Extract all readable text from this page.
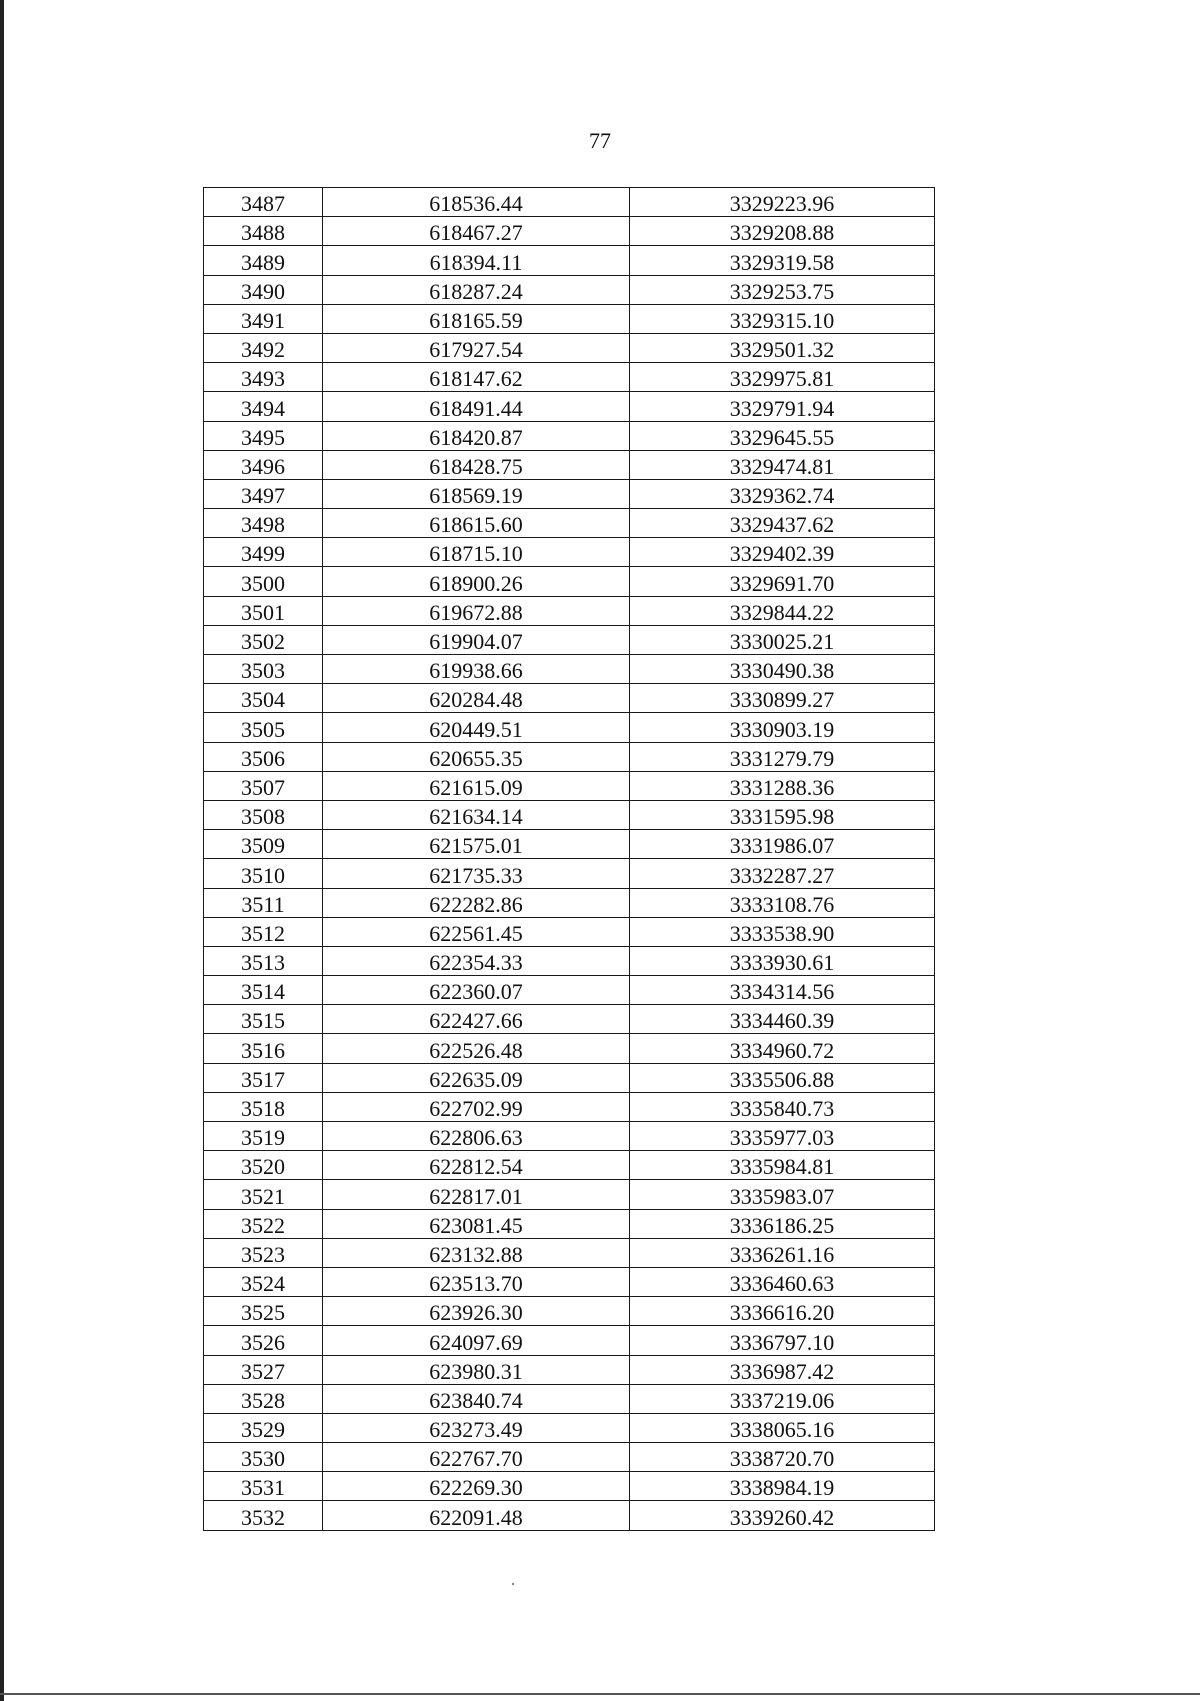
77
3487	618536.44	3329223.96
3488	618467.27	3329208.88
3489	618394.11	3329319.58
3490	618287.24	3329253.75
3491	618165.59	3329315.10
3492	617927.54	3329501.32
3493	618147.62	3329975.81
3494	618491.44	3329791.94
3495	618420.87	3329645.55
3496	618428.75	3329474.81
3497	618569.19	3329362.74
3498	618615.60	3329437.62
3499	618715.10	3329402.39
3500	618900.26	3329691.70
3501	619672.88	3329844.22
3502	619904.07	3330025.21
3503	619938.66	3330490.38
3504	620284.48	3330899.27
3505	620449.51	3330903.19
3506	620655.35	3331279.79
3507	621615.09	3331288.36
3508	621634.14	3331595.98
3509	621575.01	3331986.07
3510	621735.33	3332287.27
3511	622282.86	3333108.76
3512	622561.45	3333538.90
3513	622354.33	3333930.61
3514	622360.07	3334314.56
3515	622427.66	3334460.39
3516	622526.48	3334960.72
3517	622635.09	3335506.88
3518	622702.99	3335840.73
3519	622806.63	3335977.03
3520	622812.54	3335984.81
3521	622817.01	3335983.07
3522	623081.45	3336186.25
3523	623132.88	3336261.16
3524	623513.70	3336460.63
3525	623926.30	3336616.20
3526	624097.69	3336797.10
3527	623980.31	3336987.42
3528	623840.74	3337219.06
3529	623273.49	3338065.16
3530	622767.70	3338720.70
3531	622269.30	3338984.19
3532	622091.48	3339260.42
